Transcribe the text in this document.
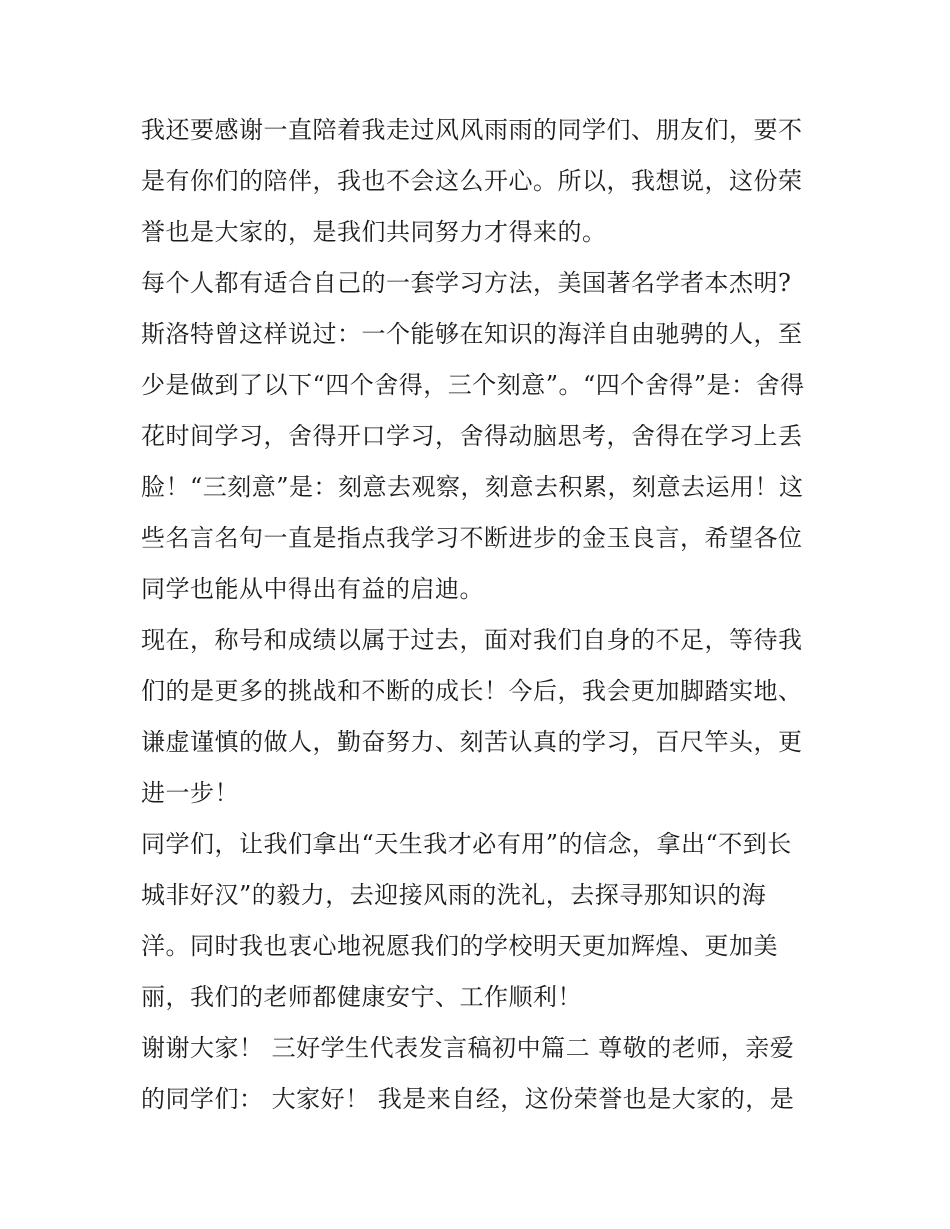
我还要感谢一直陪着我走过风风雨雨的同学们、朋友们，要不
是有你们的陪伴，我也不会这么开心。所以，我想说，这份荣
誉也是大家的，是我们共同努力才得来的。
每个人都有适合自己的一套学习方法，美国著名学者本杰明?
斯洛特曾这样说过：一个能够在知识的海洋自由驰骋的人，至
少是做到了以下“四个舍得，三个刻意”。“四个舍得”是：舍得
花时间学习，舍得开口学习，舍得动脑思考，舍得在学习上丢
脸！“三刻意”是：刻意去观察，刻意去积累，刻意去运用！这
些名言名句一直是指点我学习不断进步的金玉良言，希望各位
同学也能从中得出有益的启迪。
现在，称号和成绩以属于过去，面对我们自身的不足，等待我
们的是更多的挑战和不断的成长！今后，我会更加脚踏实地、
谦虚谨慎的做人，勤奋努力、刻苦认真的学习，百尺竿头，更
进一步！
同学们，让我们拿出“天生我才必有用”的信念，拿出“不到长
城非好汉”的毅力，去迎接风雨的洗礼，去探寻那知识的海
洋。同时我也衷心地祝愿我们的学校明天更加辉煌、更加美
丽，我们的老师都健康安宁、工作顺利！
谢谢大家！ 三好学生代表发言稿初中篇二 尊敬的老师，亲爱
的同学们： 大家好！ 我是来自经，这份荣誉也是大家的，是
